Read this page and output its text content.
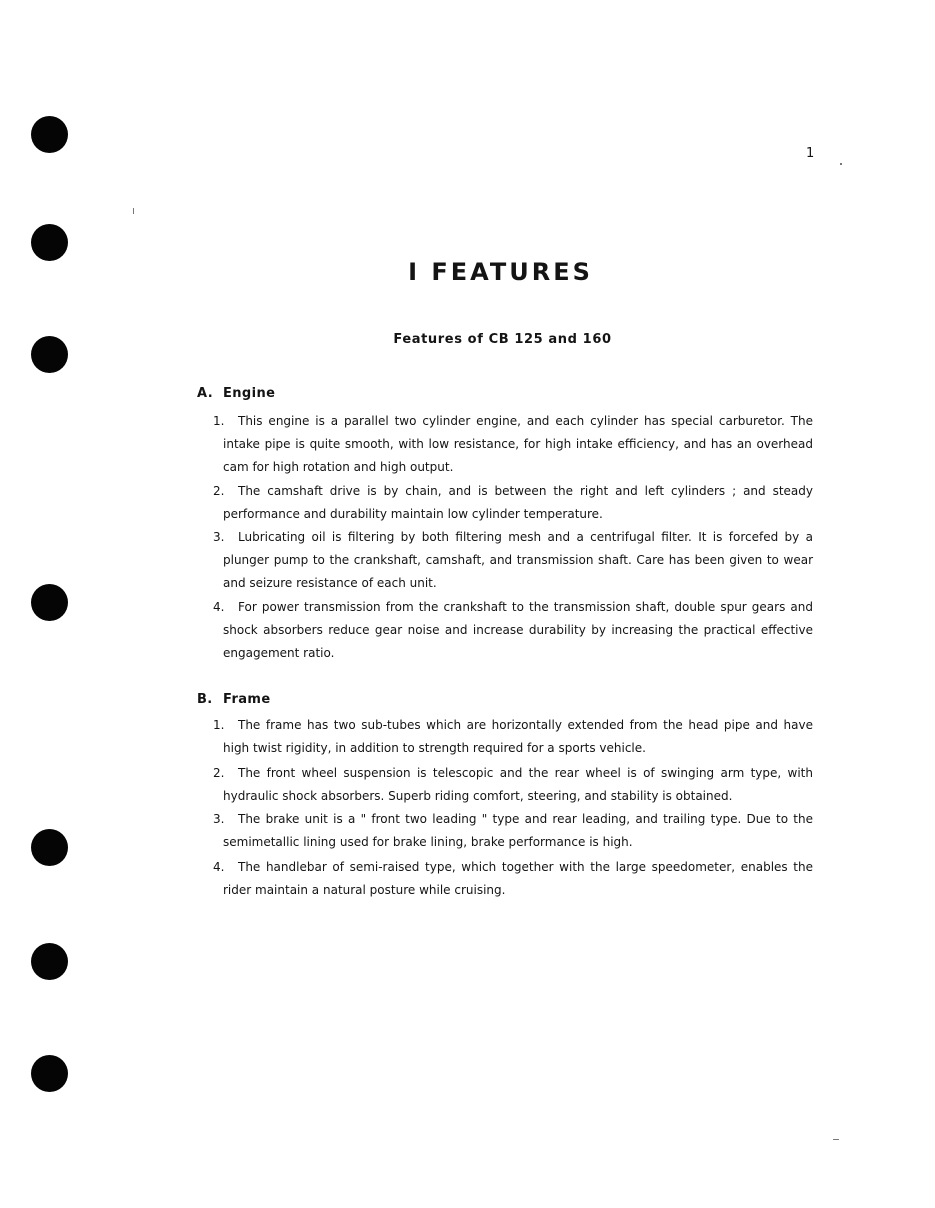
1
I FEATURES
Features of CB 125 and 160
A. Engine
1.	This engine is a parallel two cylinder engine, and each cylinder has special carburetor. The intake pipe is quite smooth, with low resistance, for high intake efficiency, and has an overhead cam for high rotation and high output.
2.	The camshaft drive is by chain, and is between the right and left cylinders ; and steady performance and durability maintain low cylinder temperature.
3.	Lubricating oil is filtering by both filtering mesh and a centrifugal filter. It is forcefed by a plunger pump to the crankshaft, camshaft, and transmission shaft. Care has been given to wear and seizure resistance of each unit.
4.	For power transmission from the crankshaft to the transmission shaft, double spur gears and shock absorbers reduce gear noise and increase durability by increasing the practical effective engagement ratio.
B. Frame
1.	The frame has two sub-tubes which are horizontally extended from the head pipe and have high twist rigidity, in addition to strength required for a sports vehicle.
2.	The front wheel suspension is telescopic and the rear wheel is of swinging arm type, with hydraulic shock absorbers. Superb riding comfort, steering, and stability is obtained.
3.	The brake unit is a " front two leading " type and rear leading, and trailing type. Due to the semimetallic lining used for brake lining, brake performance is high.
4.	The handlebar of semi-raised type, which together with the large speedometer, enables the rider maintain a natural posture while cruising.
